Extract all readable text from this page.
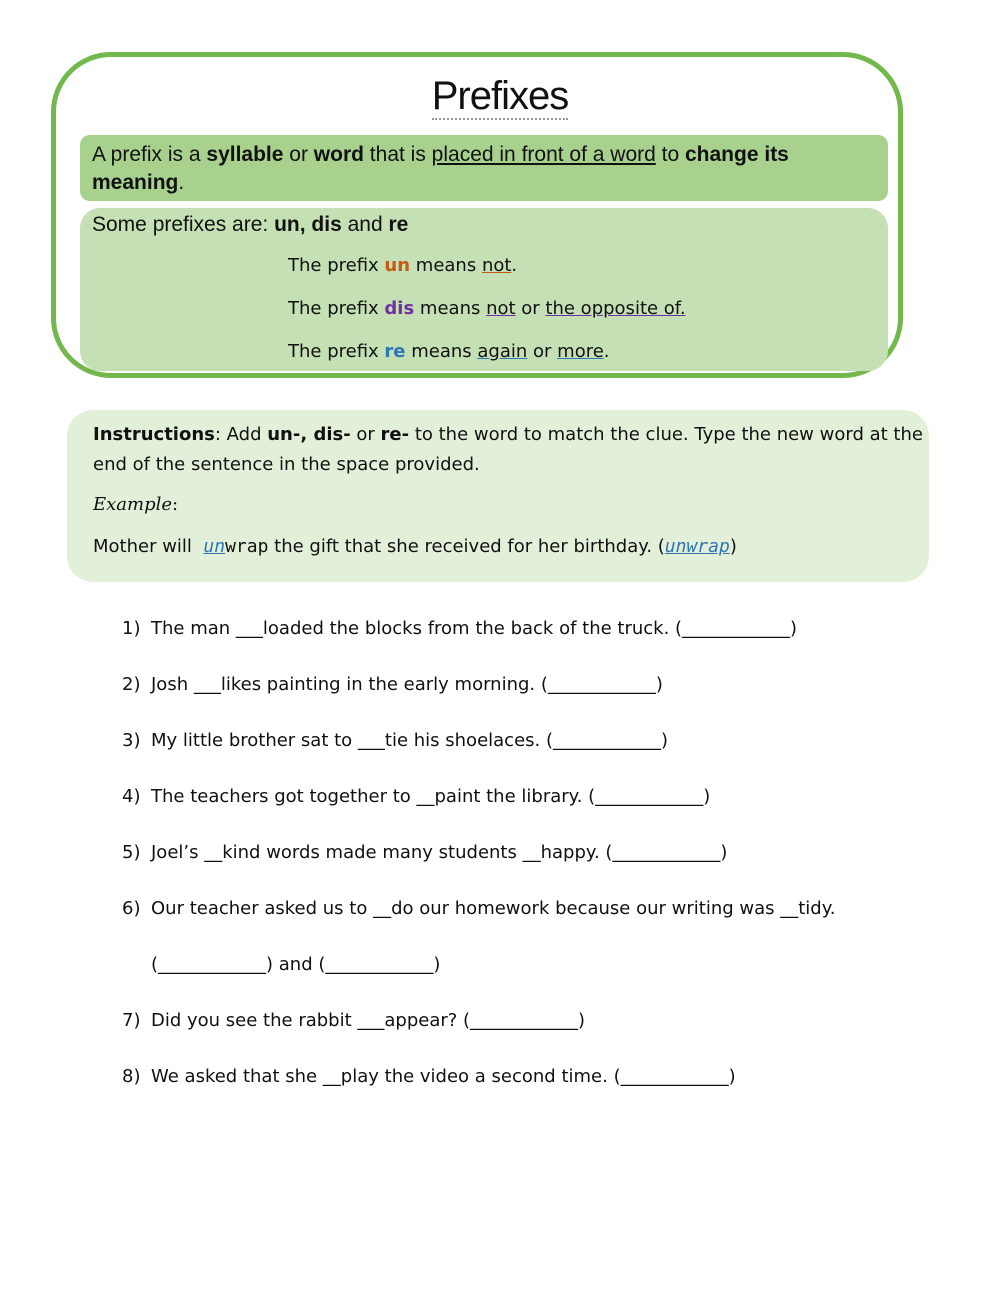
Prefixes
A prefix is a syllable or word that is placed in front of a word to change its meaning.
Some prefixes are: un, dis and re
The prefix un means not.
The prefix dis means not or the opposite of.
The prefix re means again or more.
Instructions: Add un-, dis- or re- to the word to match the clue. Type the new word at the end of the sentence in the space provided.
Example:
Mother will  unwrap the gift that she received for her birthday. (unwrap)
1) The man ___loaded the blocks from the back of the truck. (____________)
2) Josh ___likes painting in the early morning. (____________)
3) My little brother sat to ___tie his shoelaces. (____________)
4) The teachers got together to __paint the library. (____________)
5) Joel’s __kind words made many students __happy. (____________)
6) Our teacher asked us to __do our homework because our writing was __tidy.
(____________) and (____________)
7) Did you see the rabbit ___appear? (____________)
8) We asked that she __play the video a second time. (____________)
